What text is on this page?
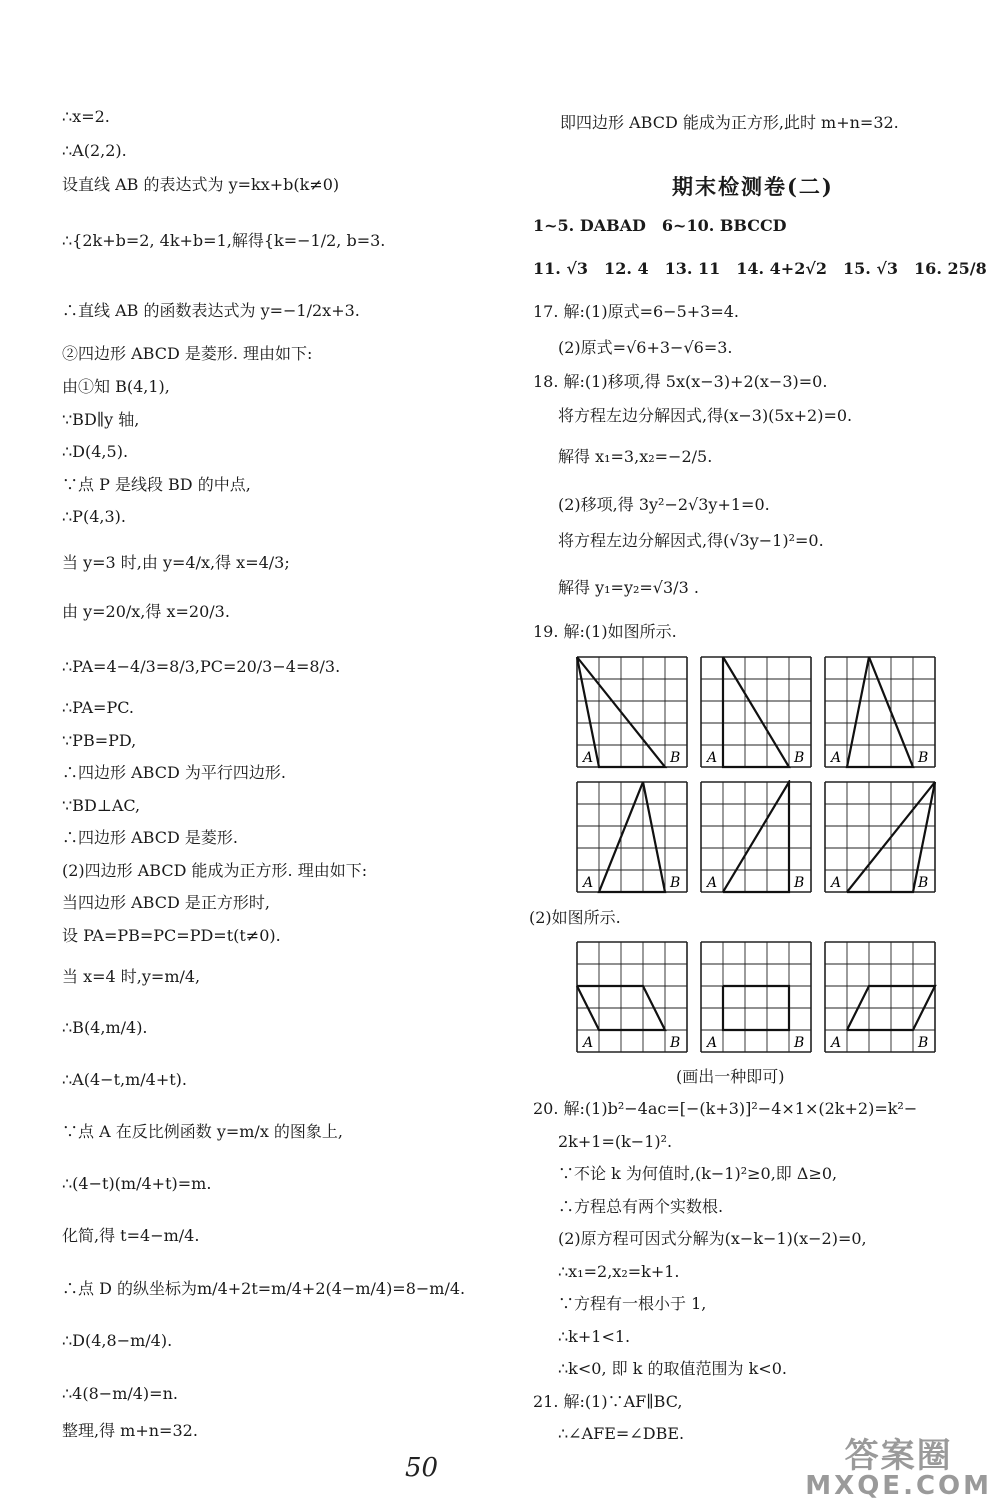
∴x=2.
∴A(2,2).
设直线 AB 的表达式为 y=kx+b(k≠0)
∴{2k+b=2, 4k+b=1,解得{k=−1/2, b=3.
∴直线 AB 的函数表达式为 y=−1/2x+3.
②四边形 ABCD 是菱形. 理由如下:
由①知 B(4,1),
∵BD∥y 轴,
∴D(4,5).
∵点 P 是线段 BD 的中点,
∴P(4,3).
当 y=3 时,由 y=4/x,得 x=4/3;
由 y=20/x,得 x=20/3.
∴PA=4−4/3=8/3,PC=20/3−4=8/3.
∴PA=PC.
∵PB=PD,
∴四边形 ABCD 为平行四边形.
∵BD⊥AC,
∴四边形 ABCD 是菱形.
(2)四边形 ABCD 能成为正方形. 理由如下:
当四边形 ABCD 是正方形时,
设 PA=PB=PC=PD=t(t≠0).
当 x=4 时,y=m/4,
∴B(4,m/4).
∴A(4−t,m/4+t).
∵点 A 在反比例函数 y=m/x 的图象上,
∴(4−t)(m/4+t)=m.
化简,得 t=4−m/4.
∴点 D 的纵坐标为m/4+2t=m/4+2(4−m/4)=8−m/4.
∴D(4,8−m/4).
∴4(8−m/4)=n.
整理,得 m+n=32.
即四边形 ABCD 能成为正方形,此时 m+n=32.
期末检测卷(二)
1~5. DABAD　6~10. BBCCD
11. √3　12. 4　13. 11　14. 4+2√2　15. √3　16. 25/8
17. 解:(1)原式=6−5+3=4.
(2)原式=√6+3−√6=3.
18. 解:(1)移项,得 5x(x−3)+2(x−3)=0.
将方程左边分解因式,得(x−3)(5x+2)=0.
解得 x₁=3,x₂=−2/5.
(2)移项,得 3y²−2√3y+1=0.
将方程左边分解因式,得(√3y−1)²=0.
解得 y₁=y₂=√3/3 .
19. 解:(1)如图所示.
A	B A	B A	B
A	B A	B A	B
(2)如图所示.
A	B A	B A	B
(画出一种即可)
20. 解:(1)b²−4ac=[−(k+3)]²−4×1×(2k+2)=k²−
2k+1=(k−1)².
∵不论 k 为何值时,(k−1)²≥0,即 Δ≥0,
∴方程总有两个实数根.
(2)原方程可因式分解为(x−k−1)(x−2)=0,
∴x₁=2,x₂=k+1.
∵方程有一根小于 1,
∴k+1<1.
∴k<0, 即 k 的取值范围为 k<0.
21. 解:(1)∵AF∥BC,
∴∠AFE=∠DBE.
50	答案圈
MXQE.COM
